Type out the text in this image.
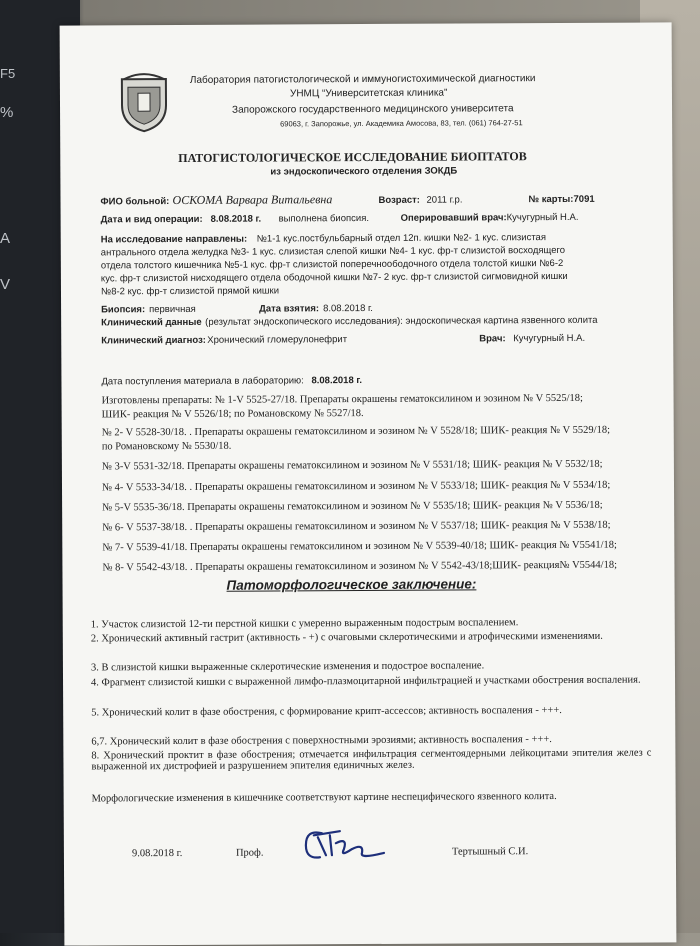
F5
%
A
V
Лаборатория патогистологической и иммуногистохимической диагностики
УНМЦ “Университетская клиника”
Запорожского государственного медицинского университета
69063, г. Запорожье, ул. Академика Амосова, 83, тел. (061) 764-27-51
ПАТОГИСТОЛОГИЧЕСКОЕ ИССЛЕДОВАНИЕ БИОПТАТОВ
из эндоскопического отделения ЗОКДБ
ФИО больной: ОСКОМА Варвара Витальевна	Возраст: 2011 г.р.	№ карты: 7091
Дата и вид операции: 8.08.2018 г. выполнена биопсия.	Оперировавший врач: Кучугурный Н.А.
На исследование направлены: №1-1 кус.постбульбарный отдел 12п. кишки №2- 1 кус. слизистая
антрального отдела желудка №3- 1 кус. слизистая слепой кишки №4- 1 кус. фр-т слизистой восходящего
отдела толстого кишечника №5-1 кус. фр-т слизистой поперечноободочного отдела толстой кишки №6-2
кус. фр-т слизистой нисходящего отдела ободочной кишки №7- 2 кус. фр-т слизистой сигмовидной кишки
№8-2 кус. фр-т слизистой прямой кишки
Биопсия: первичная	Дата взятия: 8.08.2018 г.
Клинический данные (результат эндоскопического исследования): эндоскопическая картина язвенного колита
Клинический диагноз: Хронический гломерулонефрит	Врач: Кучугурный Н.А.
Дата поступления материала в лабораторию: 8.08.2018 г.
Изготовлены препараты: № 1-V 5525-27/18. Препараты окрашены гематоксилином и эозином № V 5525/18;
ШИК- реакция № V 5526/18; по Романовскому № 5527/18.
№ 2- V 5528-30/18. . Препараты окрашены гематоксилином и эозином № V 5528/18; ШИК- реакция № V 5529/18;
по Романовскому № 5530/18.
№ 3-V 5531-32/18. Препараты окрашены гематоксилином и эозином № V 5531/18; ШИК- реакция № V 5532/18;
№ 4- V 5533-34/18. . Препараты окрашены гематоксилином и эозином № V 5533/18; ШИК- реакция № V 5534/18;
№ 5-V 5535-36/18. Препараты окрашены гематоксилином и эозином № V 5535/18; ШИК- реакция № V 5536/18;
№ 6- V 5537-38/18. . Препараты окрашены гематоксилином и эозином № V 5537/18; ШИК- реакция № V 5538/18;
№ 7- V 5539-41/18. Препараты окрашены гематоксилином и эозином № V 5539-40/18; ШИК- реакция № V5541/18;
№ 8- V 5542-43/18. . Препараты окрашены гематоксилином и эозином № V 5542-43/18;ШИК- реакция№ V5544/18;
Патоморфологическое заключение:
1. Участок слизистой 12-ти перстной кишки с умеренно выраженным подострым воспалением.
2. Хронический активный гастрит (активность - +) с очаговыми склеротическими и атрофическими изменениями.
3. В слизистой кишки выраженные склеротические изменения и подострое воспаление.
4. Фрагмент слизистой кишки с выраженной лимфо-плазмоцитарной инфильтрацией и участками обострения воспаления.
5. Хронический колит в фазе обострения, с формирование крипт-ассессов; активность воспаления - +++.
6,7. Хронический колит в фазе обострения с поверхностными эрозиями; активность воспаления - +++.
8. Хронический проктит в фазе обострения; отмечается инфильтрация сегментоядерными лейкоцитами эпителия желез с выраженной их дистрофией и разрушением эпителия единичных желез.
Морфологические изменения в кишечнике соответствуют картине неспецифического язвенного колита.
9.08.2018 г.	Проф.	Тертышный С.И.
